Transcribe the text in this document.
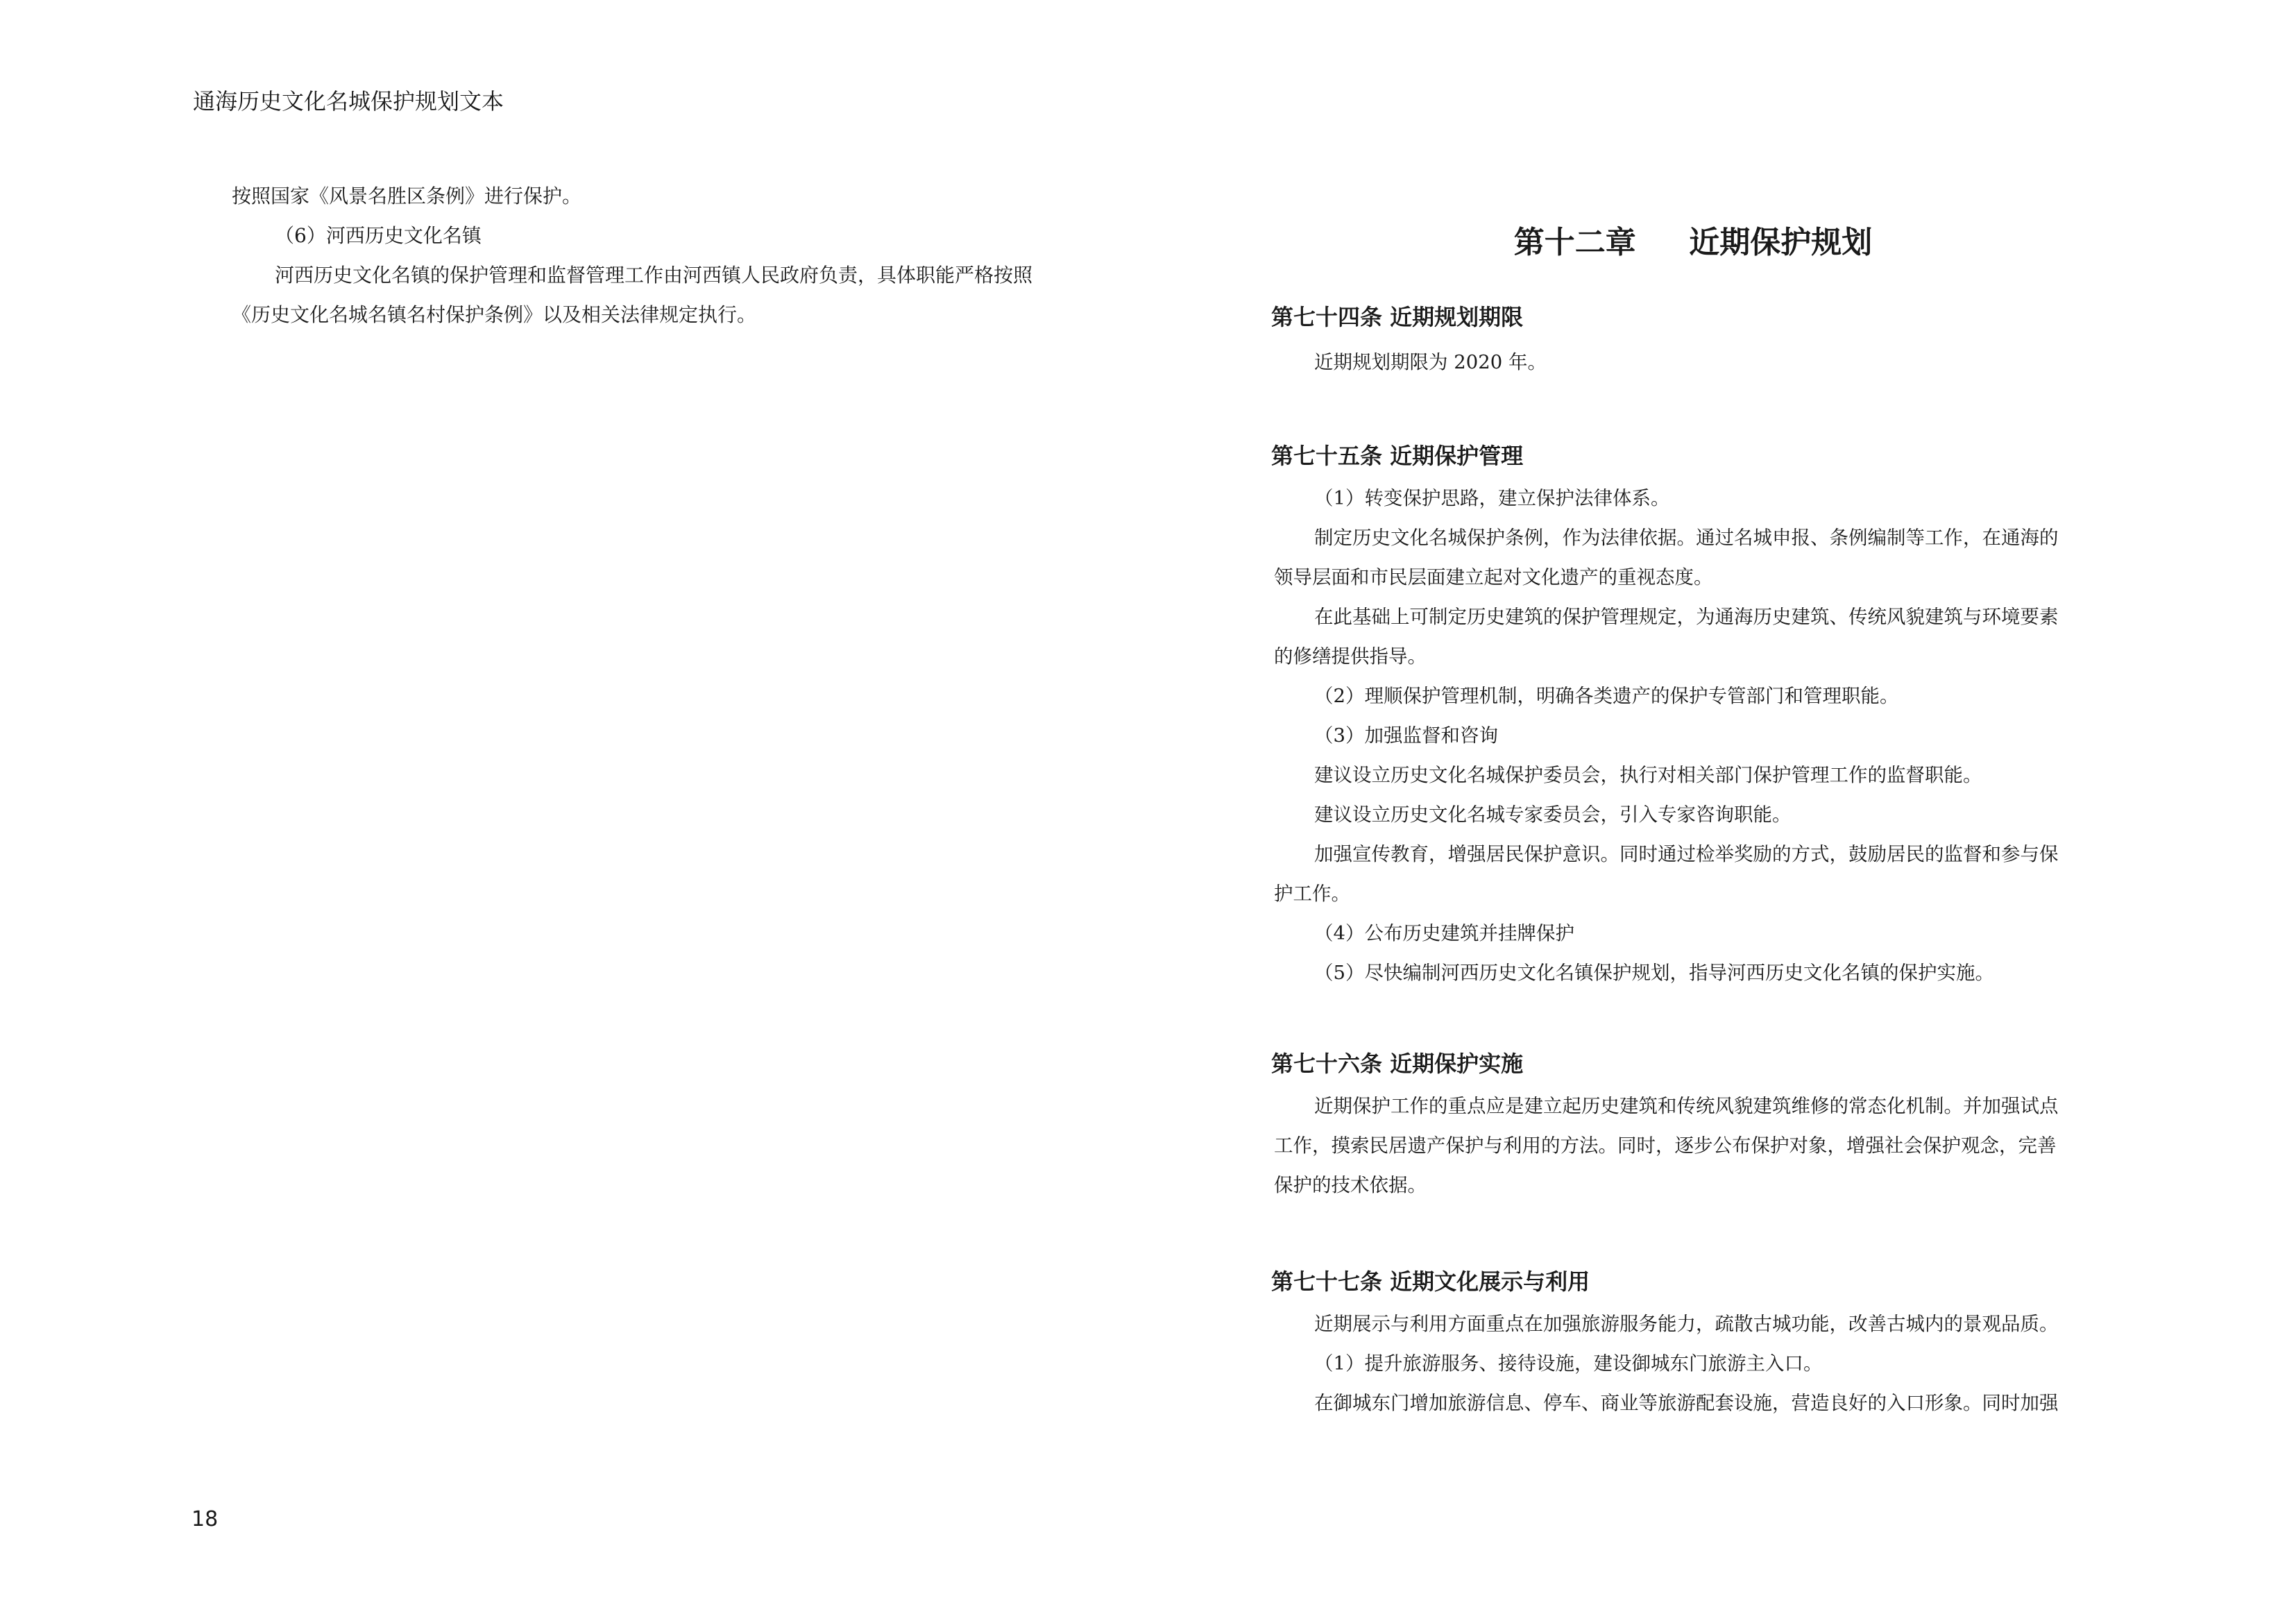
通海历史文化名城保护规划文本

按照国家《风景名胜区条例》进行保护。

（6）河西历史文化名镇

河西历史文化名镇的保护管理和监督管理工作由河西镇人民政府负责，具体职能严格按照

《历史文化名城名镇名村保护条例》以及相关法律规定执行。

18
第十二章     近期保护规划
第七十四条 近期规划期限

近期规划期限为 2020 年。

第七十五条 近期保护管理

（1）转变保护思路，建立保护法律体系。

制定历史文化名城保护条例，作为法律依据。通过名城申报、条例编制等工作，在通海的

领导层面和市民层面建立起对文化遗产的重视态度。

在此基础上可制定历史建筑的保护管理规定，为通海历史建筑、传统风貌建筑与环境要素

的修缮提供指导。

（2）理顺保护管理机制，明确各类遗产的保护专管部门和管理职能。

（3）加强监督和咨询

建议设立历史文化名城保护委员会，执行对相关部门保护管理工作的监督职能。

建议设立历史文化名城专家委员会，引入专家咨询职能。

加强宣传教育，增强居民保护意识。同时通过检举奖励的方式，鼓励居民的监督和参与保

护工作。

（4）公布历史建筑并挂牌保护

（5）尽快编制河西历史文化名镇保护规划，指导河西历史文化名镇的保护实施。

第七十六条 近期保护实施

近期保护工作的重点应是建立起历史建筑和传统风貌建筑维修的常态化机制。并加强试点

工作，摸索民居遗产保护与利用的方法。同时，逐步公布保护对象，增强社会保护观念，完善

保护的技术依据。

第七十七条 近期文化展示与利用

近期展示与利用方面重点在加强旅游服务能力，疏散古城功能，改善古城内的景观品质。

（1）提升旅游服务、接待设施，建设御城东门旅游主入口。

在御城东门增加旅游信息、停车、商业等旅游配套设施，营造良好的入口形象。同时加强
